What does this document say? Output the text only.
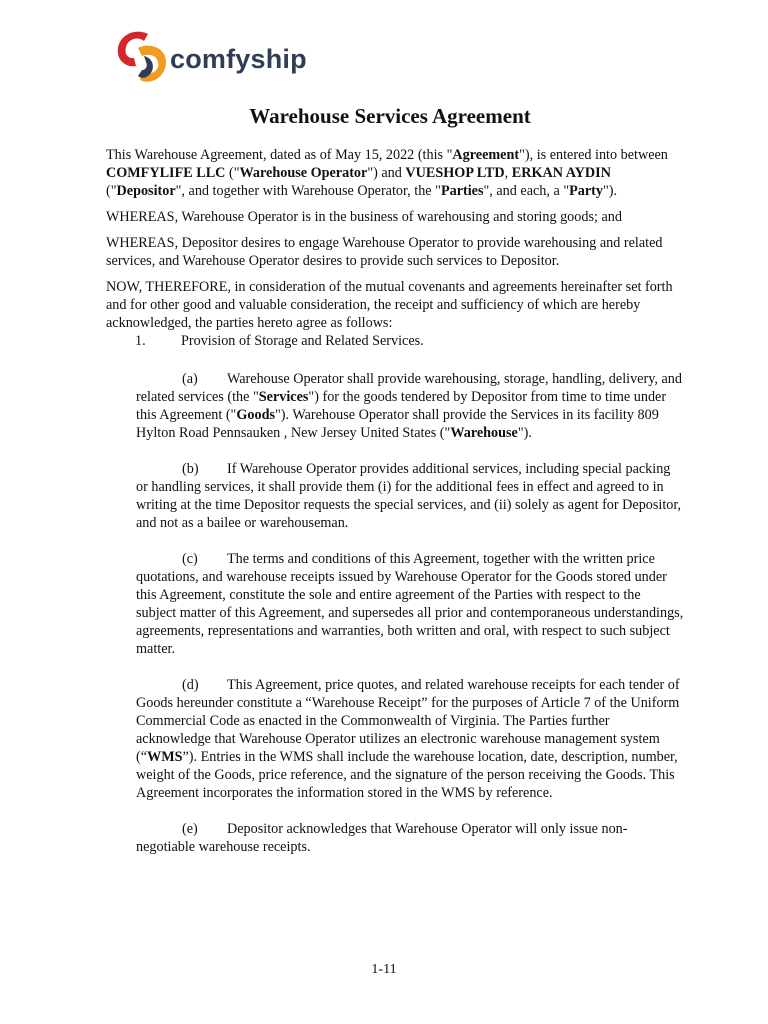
comfyship
Warehouse Services Agreement

This Warehouse Agreement, dated as of May 15, 2022 (this "Agreement"), is entered into between COMFYLIFE LLC ("Warehouse Operator") and VUESHOP LTD, ERKAN AYDIN ("Depositor", and together with Warehouse Operator, the "Parties", and each, a "Party").

WHEREAS, Warehouse Operator is in the business of warehousing and storing goods; and

WHEREAS, Depositor desires to engage Warehouse Operator to provide warehousing and related services, and Warehouse Operator desires to provide such services to Depositor.

NOW, THEREFORE, in consideration of the mutual covenants and agreements hereinafter set forth and for other good and valuable consideration, the receipt and sufficiency of which are hereby acknowledged, the parties hereto agree as follows:

1. Provision of Storage and Related Services.

(a) Warehouse Operator shall provide warehousing, storage, handling, delivery, and related services (the "Services") for the goods tendered by Depositor from time to time under this Agreement ("Goods"). Warehouse Operator shall provide the Services in its facility 809 Hylton Road Pennsauken , New Jersey United States ("Warehouse").

(b) If Warehouse Operator provides additional services, including special packing or handling services, it shall provide them (i) for the additional fees in effect and agreed to in writing at the time Depositor requests the special services, and (ii) solely as agent for Depositor, and not as a bailee or warehouseman.

(c) The terms and conditions of this Agreement, together with the written price quotations, and warehouse receipts issued by Warehouse Operator for the Goods stored under this Agreement, constitute the sole and entire agreement of the Parties with respect to the subject matter of this Agreement, and supersedes all prior and contemporaneous understandings, agreements, representations and warranties, both written and oral, with respect to such subject matter.

(d) This Agreement, price quotes, and related warehouse receipts for each tender of Goods hereunder constitute a “Warehouse Receipt” for the purposes of Article 7 of the Uniform Commercial Code as enacted in the Commonwealth of Virginia. The Parties further acknowledge that Warehouse Operator utilizes an electronic warehouse management system (“WMS”). Entries in the WMS shall include the warehouse location, date, description, number, weight of the Goods, price reference, and the signature of the person receiving the Goods. This Agreement incorporates the information stored in the WMS by reference.

(e) Depositor acknowledges that Warehouse Operator will only issue non-negotiable warehouse receipts.

1-11
